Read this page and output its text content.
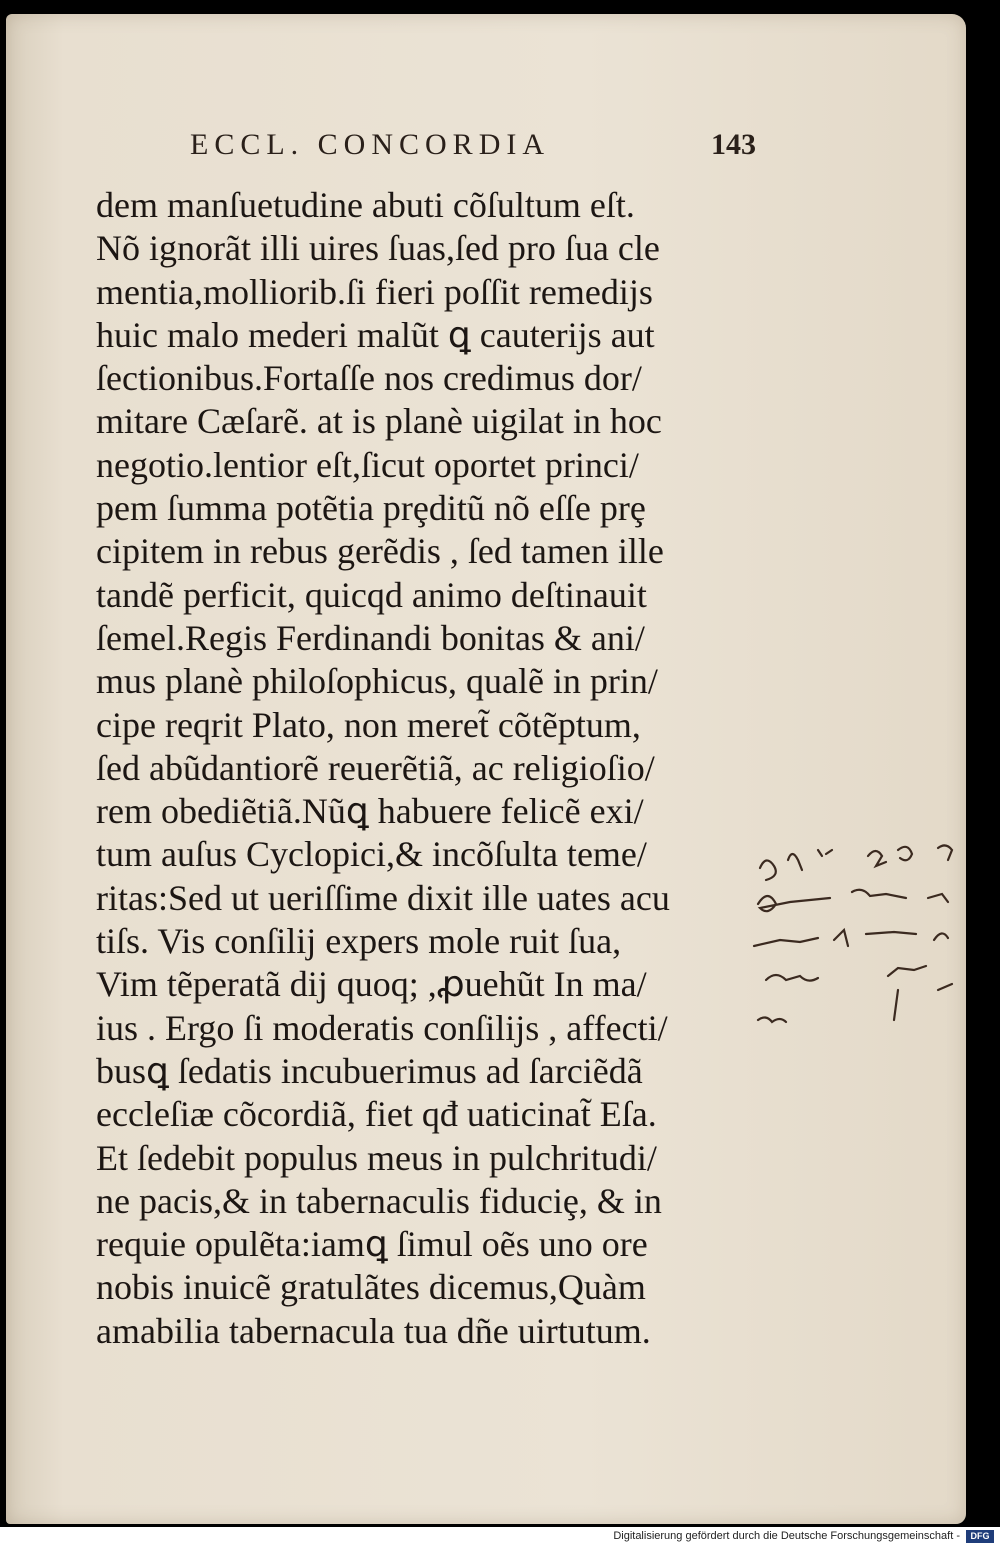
ECCL. CONCORDIA	143
dem manſuetudine abuti cõſultum eſt.
Nõ ignorãt illi uires ſuas,ſed pro ſua cle
mentia,molliorib.ſi fieri poſſit remedijs
huic malo mederi malũt ꝗ cauterijs aut
ſectionibus.Fortaſſe nos credimus dor/
mitare Cæſarẽ. at is planè uigilat in hoc
negotio.lentior eſt,ſicut oportet princi/
pem ſumma potẽtia prȩditũ nõ eſſe prȩ
cipitem in rebus gerẽdis , ſed tamen ille
tandẽ perficit, quicqd animo deſtinauit
ſemel.Regis Ferdinandi bonitas & ani/
mus planè philoſophicus, qualẽ in prin/
cipe reqrit Plato, non meret̃ cõtẽptum,
ſed abũdantiorẽ reuerẽtiã, ac religioſio/
rem obediẽtiã.Nũꝗ habuere felicẽ exi/
tum auſus Cyclopici,& incõſulta teme/
ritas:Sed ut ueriſſime dixit ille uates acu
tiſs. Vis conſilij expers mole ruit ſua,
Vim tẽperatã dij quoq; ,ꝓuehũt In ma/
ius . Ergo ſi moderatis conſilijs , affecti/
busꝗ ſedatis incubuerimus ad ſarciẽdã
eccleſiæ cõcordiã, fiet qđ uaticinat̃ Eſa.
Et ſedebit populus meus in pulchritudi/
ne pacis,& in tabernaculis fiduciȩ, & in
requie opulẽta:iamꝗ ſimul oẽs uno ore
nobis inuicẽ gratulãtes dicemus,Quàm
amabilia tabernacula tua dñe uirtutum.
Digitalisierung gefördert durch die Deutsche Forschungsgemeinschaft -	DFG
